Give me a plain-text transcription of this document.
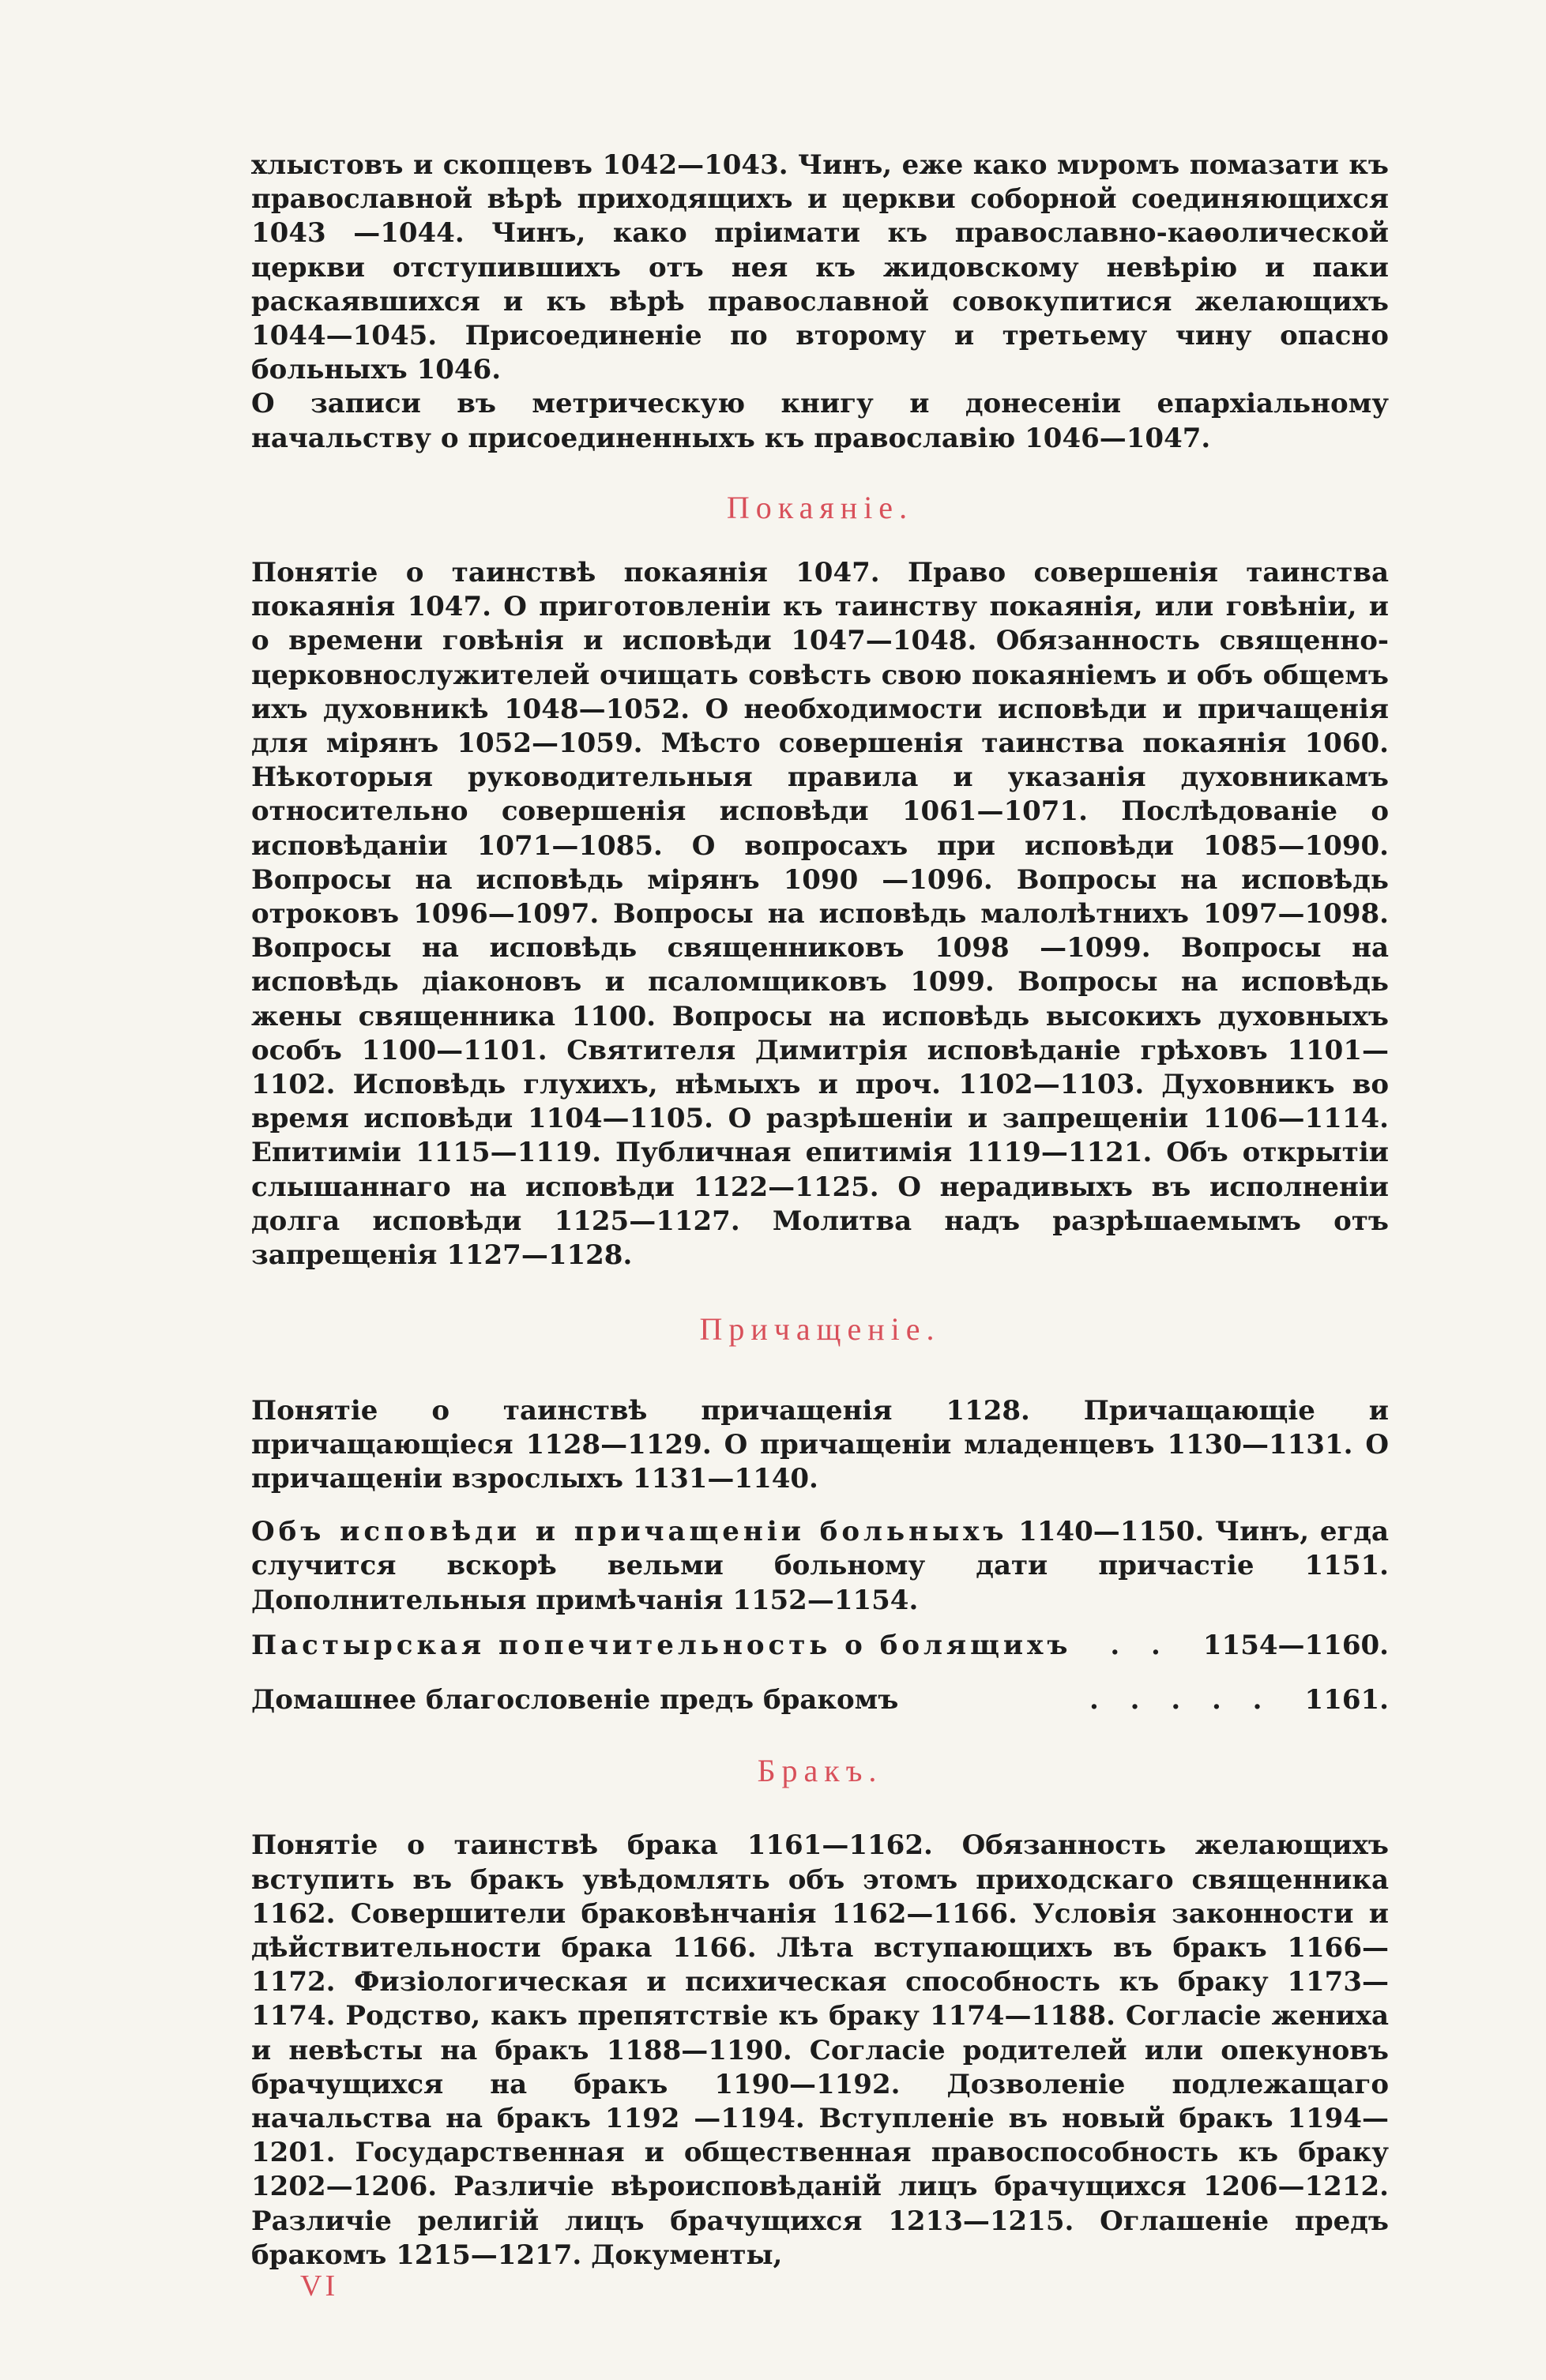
хлыстовъ и скопцевъ 1042—1043. Чинъ, еже како мνромъ помазати къ православной вѣрѣ приходящихъ и церкви соборной соединяющихся 1043 —1044. Чинъ, како пріимати къ православно-каѳолической церкви отступившихъ отъ нея къ жидовскому невѣрію и паки раскаявшихся и къ вѣрѣ православной совокупитися желающихъ 1044—1045. Присоединеніе по второму и третьему чину опасно больныхъ 1046.

О записи въ метрическую книгу и донесеніи епархіальному начальству о присоединенныхъ къ православію 1046—1047.

Покаяніе.

Понятіе о таинствѣ покаянія 1047. Право совершенія таинства покаянія 1047. О приготовленіи къ таинству покаянія, или говѣніи, и о времени говѣнія и исповѣди 1047—1048. Обязанность священно-церковнослужителей очищать совѣсть свою покаяніемъ и объ общемъ ихъ духовникѣ 1048—1052. О необходимости исповѣди и причащенія для мірянъ 1052—1059. Мѣсто совершенія таинства покаянія 1060. Нѣкоторыя руководительныя правила и указанія духовникамъ относительно совершенія исповѣди 1061—1071. Послѣдованіе о исповѣданіи 1071—1085. О вопросахъ при исповѣди 1085—1090. Вопросы на исповѣдь мірянъ 1090 —1096. Вопросы на исповѣдь отроковъ 1096—1097. Вопросы на исповѣдь малолѣтнихъ 1097—1098. Вопросы на исповѣдь священниковъ 1098 —1099. Вопросы на исповѣдь діаконовъ и псаломщиковъ 1099. Вопросы на исповѣдь жены священника 1100. Вопросы на исповѣдь высокихъ духовныхъ особъ 1100—1101. Святителя Димитрія исповѣданіе грѣховъ 1101—1102. Исповѣдь глухихъ, нѣмыхъ и проч. 1102—1103. Духовникъ во время исповѣди 1104—1105. О разрѣшеніи и запрещеніи 1106—1114. Епитиміи 1115—1119. Публичная епитимія 1119—1121. Объ открытіи слышаннаго на исповѣди 1122—1125. О нерадивыхъ въ исполненіи долга исповѣди 1125—1127. Молитва надъ разрѣшаемымъ отъ запрещенія 1127—1128.

Причащеніе.

Понятіе о таинствѣ причащенія 1128. Причащающіе и причащающіеся 1128—1129. О причащеніи младенцевъ 1130—1131. О причащеніи взрослыхъ 1131—1140.

Объ исповѣди и причащеніи больныхъ 1140—1150. Чинъ, егда случится вскорѣ вельми больному дати причастіе 1151. Дополнительныя примѣчанія 1152—1154.

Пастырская попечительность о болящихъ	. .	1154—1160.
Домашнее благословеніе предъ бракомъ	. . . . .	1161.
Бракъ.

Понятіе о таинствѣ брака 1161—1162. Обязанность желающихъ вступить въ бракъ увѣдомлять объ этомъ приходскаго священника 1162. Совершители браковѣнчанія 1162—1166. Условія законности и дѣйствительности брака 1166. Лѣта вступающихъ въ бракъ 1166—1172. Физіологическая и психическая способность къ браку 1173—1174. Родство, какъ препятствіе къ браку 1174—1188. Согласіе жениха и невѣсты на бракъ 1188—1190. Согласіе родителей или опекуновъ брачущихся на бракъ 1190—1192. Дозволеніе подлежащаго начальства на бракъ 1192 —1194. Вступленіе въ новый бракъ 1194—1201. Государственная и общественная правоспособность къ браку 1202—1206. Различіе вѣроисповѣданій лицъ брачущихся 1206—1212. Различіе религій лицъ брачущихся 1213—1215. Оглашеніе предъ бракомъ 1215—1217. Документы,

VI
